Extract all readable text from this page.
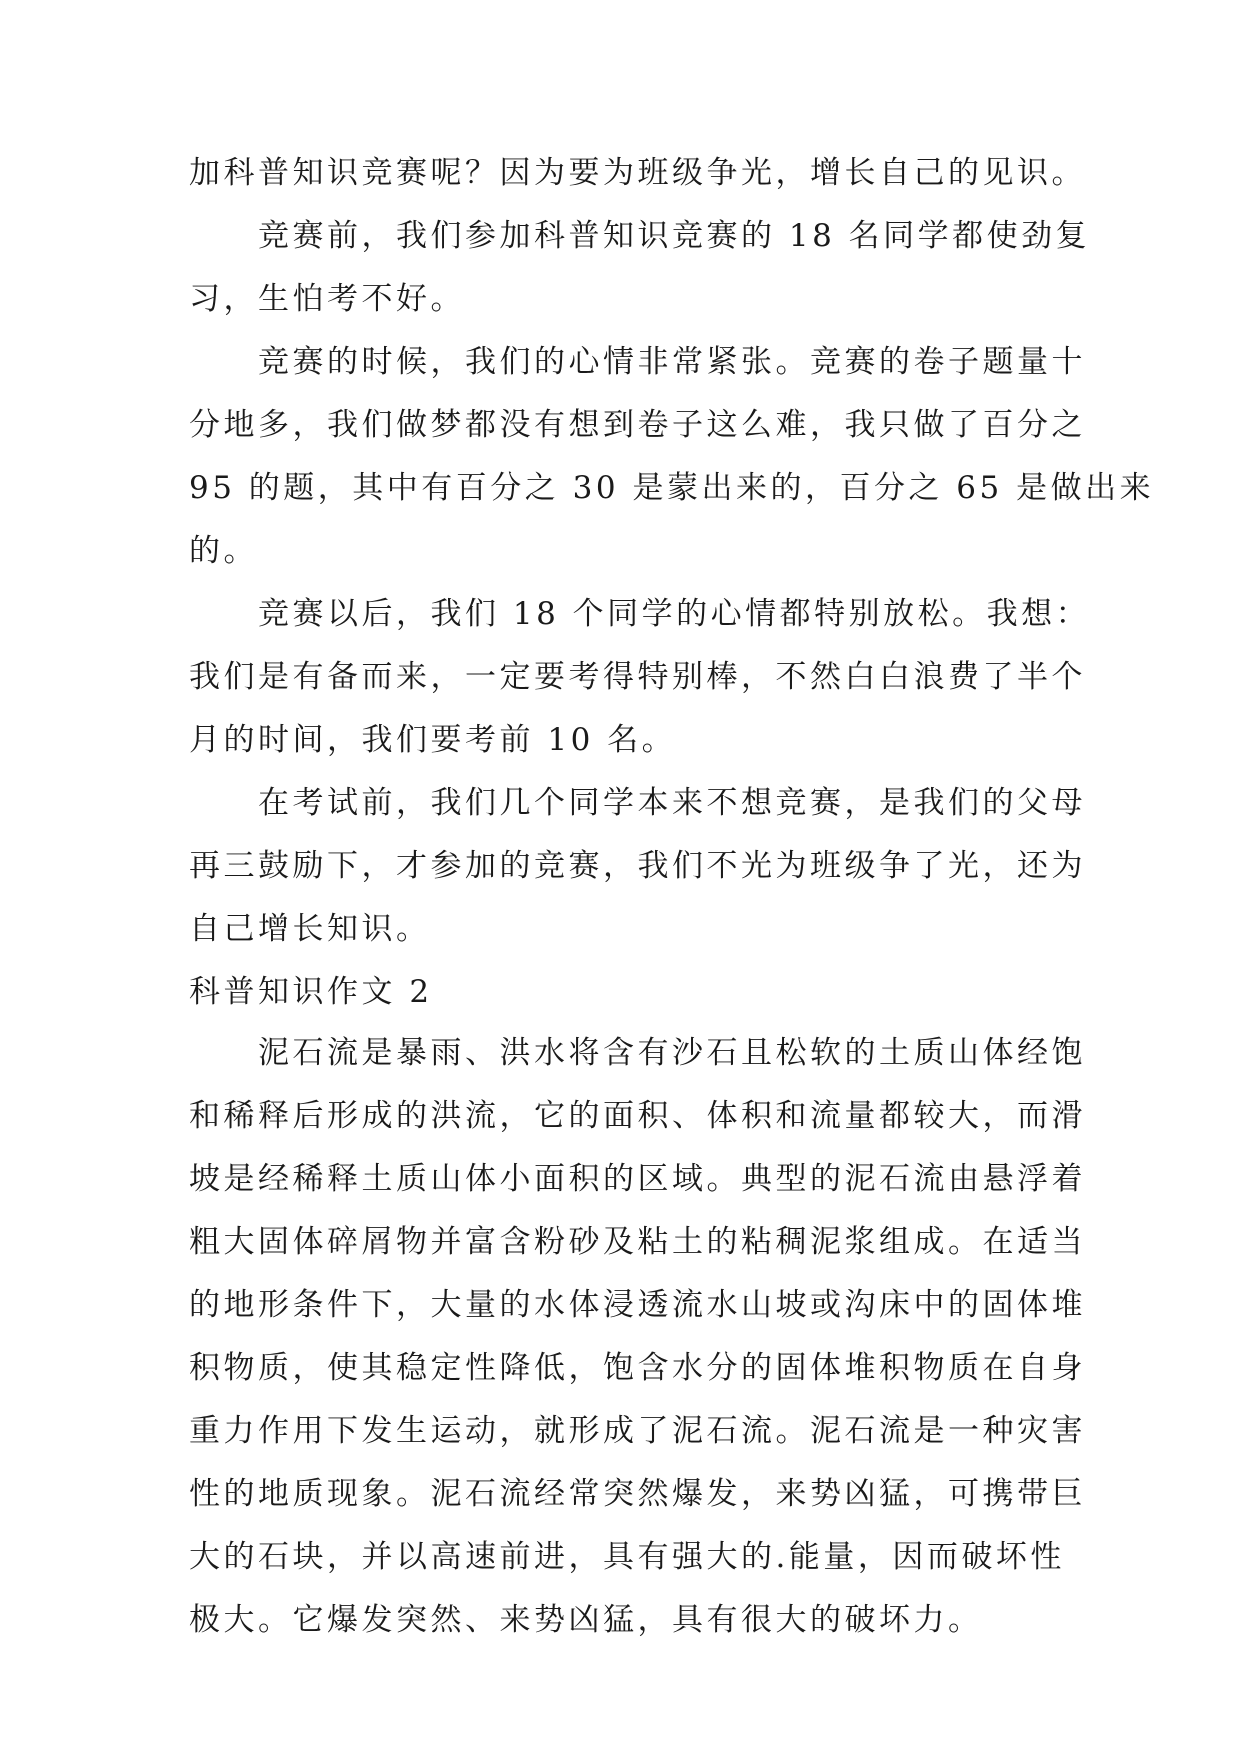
加科普知识竞赛呢？因为要为班级争光，增长自己的见识。

竞赛前，我们参加科普知识竞赛的 18 名同学都使劲复

习，生怕考不好。

竞赛的时候，我们的心情非常紧张。竞赛的卷子题量十

分地多，我们做梦都没有想到卷子这么难，我只做了百分之

95 的题，其中有百分之 30 是蒙出来的，百分之 65 是做出来

的。

竞赛以后，我们 18 个同学的心情都特别放松。我想：

我们是有备而来，一定要考得特别棒，不然白白浪费了半个

月的时间，我们要考前 10 名。

在考试前，我们几个同学本来不想竞赛，是我们的父母

再三鼓励下，才参加的竞赛，我们不光为班级争了光，还为

自己增长知识。

科普知识作文 2

泥石流是暴雨、洪水将含有沙石且松软的土质山体经饱

和稀释后形成的洪流，它的面积、体积和流量都较大，而滑

坡是经稀释土质山体小面积的区域。典型的泥石流由悬浮着

粗大固体碎屑物并富含粉砂及粘土的粘稠泥浆组成。在适当

的地形条件下，大量的水体浸透流水山坡或沟床中的固体堆

积物质，使其稳定性降低，饱含水分的固体堆积物质在自身

重力作用下发生运动，就形成了泥石流。泥石流是一种灾害

性的地质现象。泥石流经常突然爆发，来势凶猛，可携带巨

大的石块，并以高速前进，具有强大的.能量，因而破坏性

极大。它爆发突然、来势凶猛，具有很大的破坏力。
